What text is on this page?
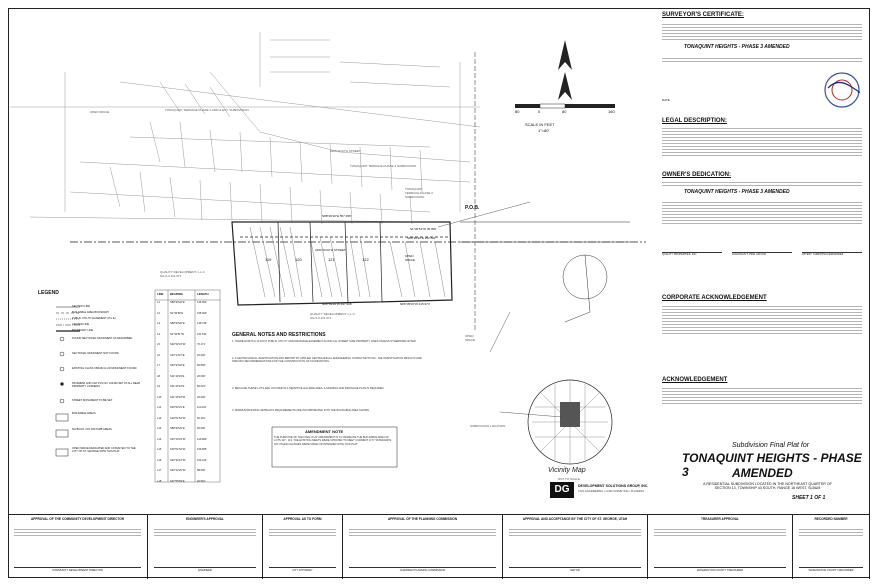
TONAQUINT TERRACE PHASE 2 AMD & EXT. SUBDIVISION
OPEN SPACE
2400 SOUTH STREET
TONAQUINT TERRACE PHASE 2 SUBDIVISION
TONAQUINT
TERRACE PHASE 3
SUBDIVISION
P.O.B.
N88°26'20"E 557.458'
S1°30'51"W 35.000'
N88°26'20"E 252.521'
N88°59'29"W 497.996'	N86°05'00"W 215.973'
2460 SOUTH STREET
QUALITY DEVELOPMENT, L.L.C.
SG-6-3-111-371
QUALITY DEVELOPMENT, L.L.C.
SG-6-3-111-371
119	120	121	122
OPEN
SPACE
OPEN
SPACE
SUBDIVISION LOCATION
Vicinity Map
NOT TO SCALE
SCALE IN FEET
1"=80'
80	0	80	160
LEGEND
SECTION LINE
BUILDABLE AREA BOUNDARY
PUBLIC UTILITY EASEMENT (P.U.E.)
CENTER LINE
BOUNDARY LINE
FOUND SECTIONAL MONUMENT AS DESCRIBED
SECTIONAL MONUMENT NOT FOUND
EXISTING CLASS I BRAIN & LID MONUMENT FOUND
5/8 REBAR AND CAP PLS NO. 162130 SET AT ALL REAR PROPERTY CORNERS
STREET MONUMENT TO BE SET
BUILDABLE AREAS
NO BUILD / NO DISTURB AREAS
OPEN SPACE DEDICATED AND CONVEYED TO THE CITY OF ST. GEORGE WITH THIS PLAT
LINE BEARING	LENGTH
L1	N88°26'20"E	146.062'
L2	N1°30'50"E	155.000'
L3	N88°26'20"E	149.749'
L4	N1°30'51"W	161.531'
L5	S20°32'16"W	70.171'
L6	S10°14'37"E	20.000'
L7	S30°34'46"E	66.658'
L8	S11°40'19"E	20.000'
L9	S11°40'19"E	56.043'
L10	S11°40'19"W	25.000'
L11	S40°52'21"E	111.001'
L12	S20°01'52"W	60.101'
L13	N88°26'20"E	95.000'
L14	S23°10'43"W	129.863'
L15	S20°01'52"W	166.865'
L16	S20°32'16"W	103.442'
L17	S20°22'20"W	88.000'
L18	S37°55'59"E	46.562'
GENERAL NOTES AND RESTRICTIONS
1. THERE EXISTS A 10 FOOT PUBLIC UTILITY AND DRAINAGE EASEMENT ALONG ALL STREET SIDE PROPERTY LINES UNLESS OTHERWISE NOTED.
2. A GEOTECHNICAL INVESTIGATION AND REPORT BY APPLIED GEOTECHNICAL ENGINEERING CONSULTANTS INC. THE INVESTIGATION RESULTS AND SPECIFIC RECOMMENDATIONS FOR THE CONSTRUCTION OF FOUNDATIONS.
3. BECAUSE THESE LOTS ARE LOCATED IN A SENSITIVE HILLSIDE AREA, A GRADING AND DRAINAGE PLAN IS REQUIRED.
4. MINIMUM BUILDING SETBACKS REQUIREMENTS ARE INCORPORATED INTO THE BUILDABLE AREA SHOWN.
AMENDMENT NOTE
THE PURPOSE OF THE FINAL PLAT AMENDMENT IS TO INCREASE THE BUILDABLE AREA OF LOTS 117 - 119. THE EXISTING MEETS WERE UPDATED TO MEET CURRENT CITY STANDARDS. NO OTHER CHANGES WERE MADE OR INTENDED WITH THIS PLAT.
DG	DEVELOPMENT SOLUTIONS GROUP, INC.
CIVIL ENGINEERING • LAND SURVEYING • PLANNING
SURVEYOR'S CERTIFICATE:
TONAQUINT HEIGHTS - PHASE 3 AMENDED
DATE
LEGAL DESCRIPTION:
OWNER'S DEDICATION:
TONAQUINT HEIGHTS - PHASE 3 AMENDED
QUALITY PROPERTIES, INC.	JONATHAN T. PIKE, MAYOR	ATTEST: CHRISTINA FERNANDEZ
CORPORATE ACKNOWLEDGEMENT
ACKNOWLEDGEMENT
Subdivision Final Plat for
TONAQUINT HEIGHTS - PHASE 3	AMENDED
A RESIDENTIAL SUBDIVISION LOCATED IN THE NORTHEAST QUARTER OF
SECTION 13, TOWNSHIP 43 SOUTH, RANGE 16 WEST, SLB&M
SHEET 1 OF 1
APPROVAL OF THE COMMUNITY DEVELOPMENT DIRECTOR
COMMUNITY DEVELOPMENT DIRECTOR
ENGINEER'S APPROVAL
ENGINEER
APPROVAL AS TO FORM
CITY ATTORNEY
APPROVAL OF THE PLANNING COMMISSION
CHAIRMAN PLANNING COMMISSION
APPROVAL AND ACCEPTANCE BY THE CITY OF ST. GEORGE, UTAH
MAYOR
TREASURER APPROVAL
WASHINGTON COUNTY TREASURER
RECORDED NUMBER
WASHINGTON COUNTY RECORDER
